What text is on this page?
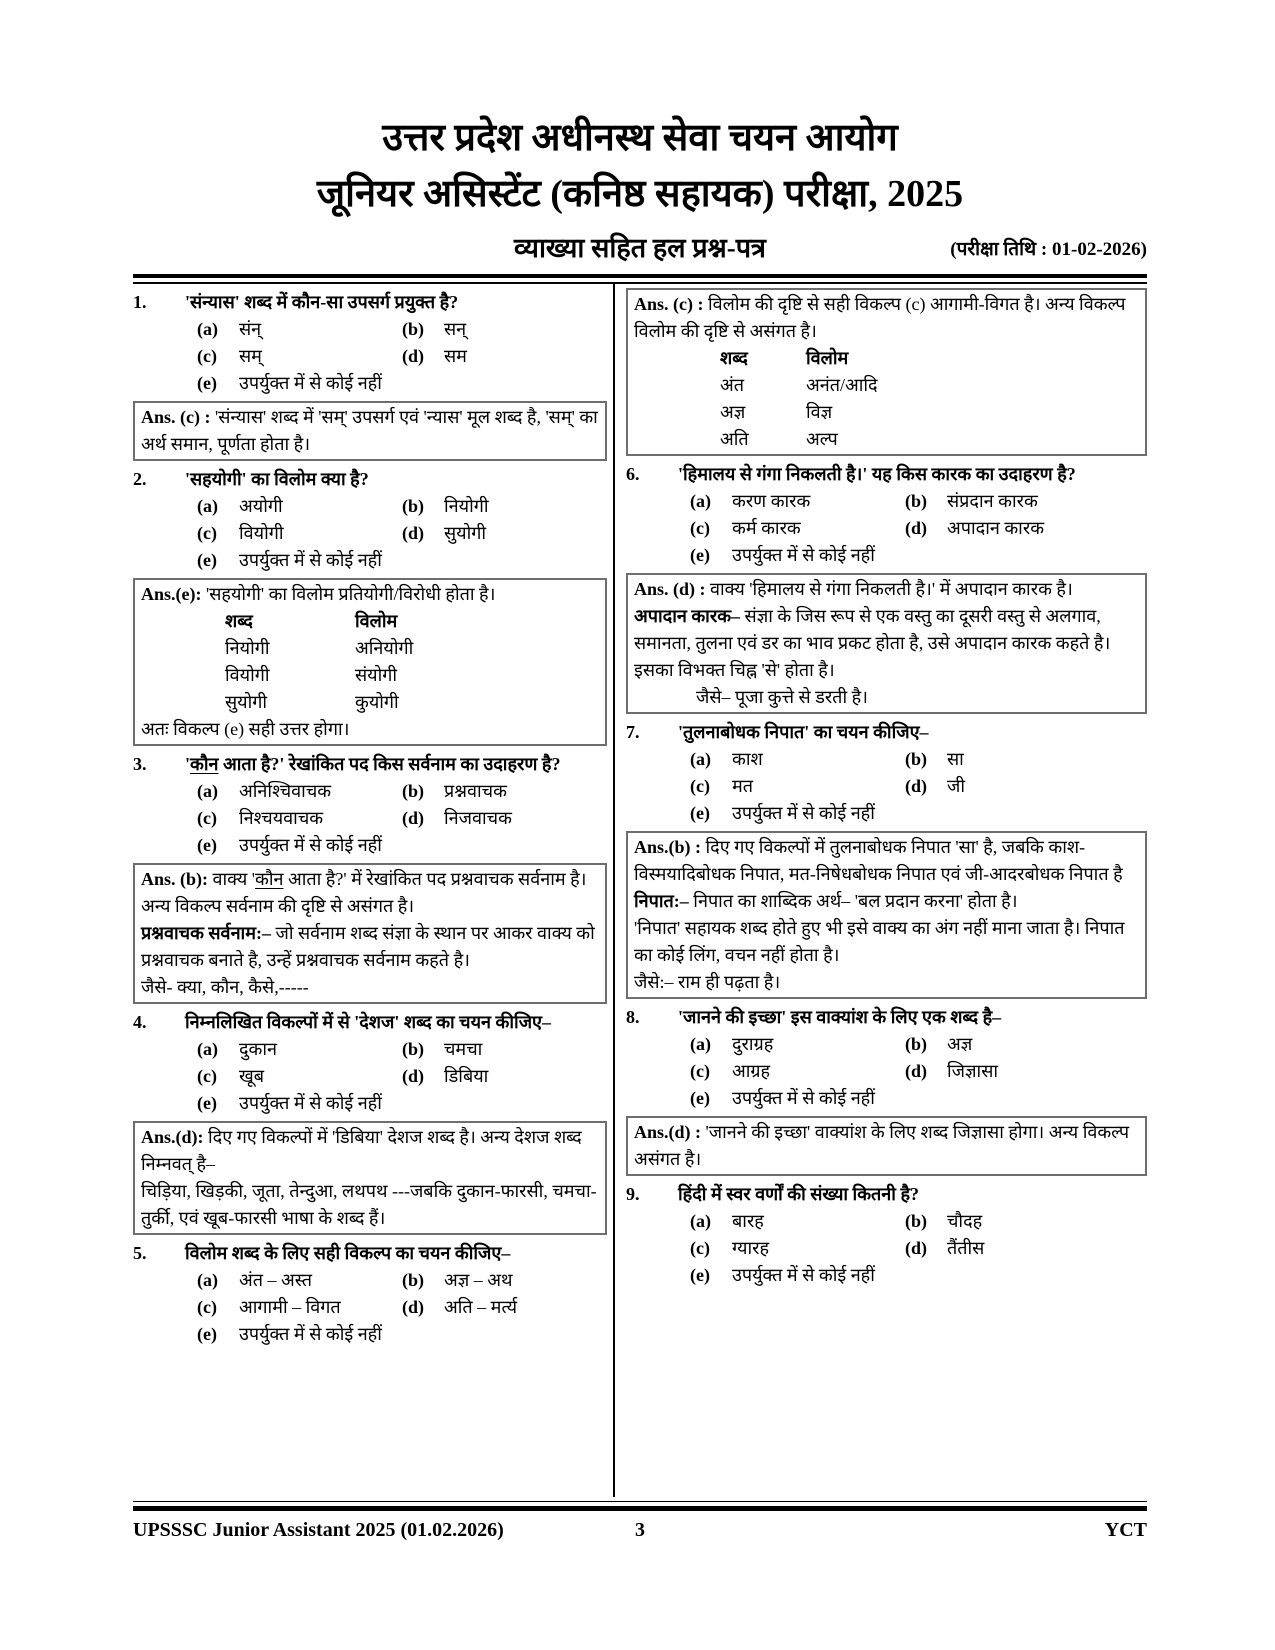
उत्तर प्रदेश अधीनस्थ सेवा चयन आयोग
जूनियर असिस्टेंट (कनिष्ठ सहायक) परीक्षा, 2025
व्याख्या सहित हल प्रश्न-पत्र	(परीक्षा तिथि : 01-02-2026)
1.	'संन्यास' शब्द में कौन-सा उपसर्ग प्रयुक्त है?
(a)	संन्	(b)	सन्
(c)	सम्	(d)	सम
(e)	उपर्युक्त में से कोई नहीं

Ans. (c) : 'संन्यास' शब्द में 'सम्' उपसर्ग एवं 'न्यास' मूल शब्द है, 'सम्' का अर्थ समान, पूर्णता होता है।

2.	'सहयोगी' का विलोम क्या है?
(a)	अयोगी	(b)	नियोगी
(c)	वियोगी	(d)	सुयोगी
(e)	उपर्युक्त में से कोई नहीं

Ans.(e): 'सहयोगी' का विलोम प्रतियोगी/विरोधी होता है।

शब्द	विलोम
नियोगी	अनियोगी
वियोगी	संयोगी
सुयोगी	कुयोगी

अतः विकल्प (e) सही उत्तर होगा।

3.	'कौन आता है?' रेखांकित पद किस सर्वनाम का उदाहरण है?
(a)	अनिश्चिवाचक	(b)	प्रश्नवाचक
(c)	निश्चयवाचक	(d)	निजवाचक
(e)	उपर्युक्त में से कोई नहीं

Ans. (b): वाक्य 'कौन आता है?' में रेखांकित पद प्रश्नवाचक सर्वनाम है। अन्य विकल्प सर्वनाम की दृष्टि से असंगत है।

प्रश्नवाचक सर्वनाम:– जो सर्वनाम शब्द संज्ञा के स्थान पर आकर वाक्य को प्रश्नवाचक बनाते है, उन्हें प्रश्नवाचक सर्वनाम कहते है।

जैसे- क्या, कौन, कैसे,-----

4.	निम्नलिखित विकल्पों में से 'देशज' शब्द का चयन कीजिए–
(a)	दुकान	(b)	चमचा
(c)	खूब	(d)	डिबिया
(e)	उपर्युक्त में से कोई नहीं

Ans.(d): दिए गए विकल्पों में 'डिबिया' देशज शब्द है। अन्य देशज शब्द निम्नवत् है–

चिड़िया, खिड़की, जूता, तेन्दुआ, लथपथ ---जबकि दुकान-फारसी, चमचा-तुर्की, एवं खूब-फारसी भाषा के शब्द हैं।

5.	विलोम शब्द के लिए सही विकल्प का चयन कीजिए–
(a)	अंत – अस्त	(b)	अज्ञ – अथ
(c)	आगामी – विगत	(d)	अति – मर्त्य
(e)	उपर्युक्त में से कोई नहीं

Ans. (c) : विलोम की दृष्टि से सही विकल्प (c) आगामी-विगत है। अन्य विकल्प विलोम की दृष्टि से असंगत है।

शब्द	विलोम
अंत	अनंत/आदि
अज्ञ	विज्ञ
अति	अल्प
6.	'हिमालय से गंगा निकलती है।' यह किस कारक का उदाहरण है?
(a)	करण कारक	(b)	संप्रदान कारक
(c)	कर्म कारक	(d)	अपादान कारक
(e)	उपर्युक्त में से कोई नहीं

Ans. (d) : वाक्य 'हिमालय से गंगा निकलती है।' में अपादान कारक है।

अपादान कारक– संज्ञा के जिस रूप से एक वस्तु का दूसरी वस्तु से अलगाव, समानता, तुलना एवं डर का भाव प्रकट होता है, उसे अपादान कारक कहते है। इसका विभक्त चिह्न 'से' होता है।

जैसे– पूजा कुत्ते से डरती है।

7.	'तुलनाबोधक निपात' का चयन कीजिए–
(a)	काश	(b)	सा
(c)	मत	(d)	जी
(e)	उपर्युक्त में से कोई नहीं

Ans.(b) : दिए गए विकल्पों में तुलनाबोधक निपात 'सा' है, जबकि काश-विस्मयादिबोधक निपात, मत-निषेधबोधक निपात एवं जी-आदरबोधक निपात है

निपात:– निपात का शाब्दिक अर्थ– 'बल प्रदान करना' होता है।

'निपात' सहायक शब्द होते हुए भी इसे वाक्य का अंग नहीं माना जाता है। निपात का कोई लिंग, वचन नहीं होता है।

जैसे:– राम ही पढ़ता है।

8.	'जानने की इच्छा' इस वाक्यांश के लिए एक शब्द है–
(a)	दुराग्रह	(b)	अज्ञ
(c)	आग्रह	(d)	जिज्ञासा
(e)	उपर्युक्त में से कोई नहीं

Ans.(d) : 'जानने की इच्छा' वाक्यांश के लिए शब्द जिज्ञासा होगा। अन्य विकल्प असंगत है।

9.	हिंदी में स्वर वर्णों की संख्या कितनी है?
(a)	बारह	(b)	चौदह
(c)	ग्यारह	(d)	तैंतीस
(e)	उपर्युक्त में से कोई नहीं
UPSSSC Junior Assistant 2025 (01.02.2026)	3	YCT
